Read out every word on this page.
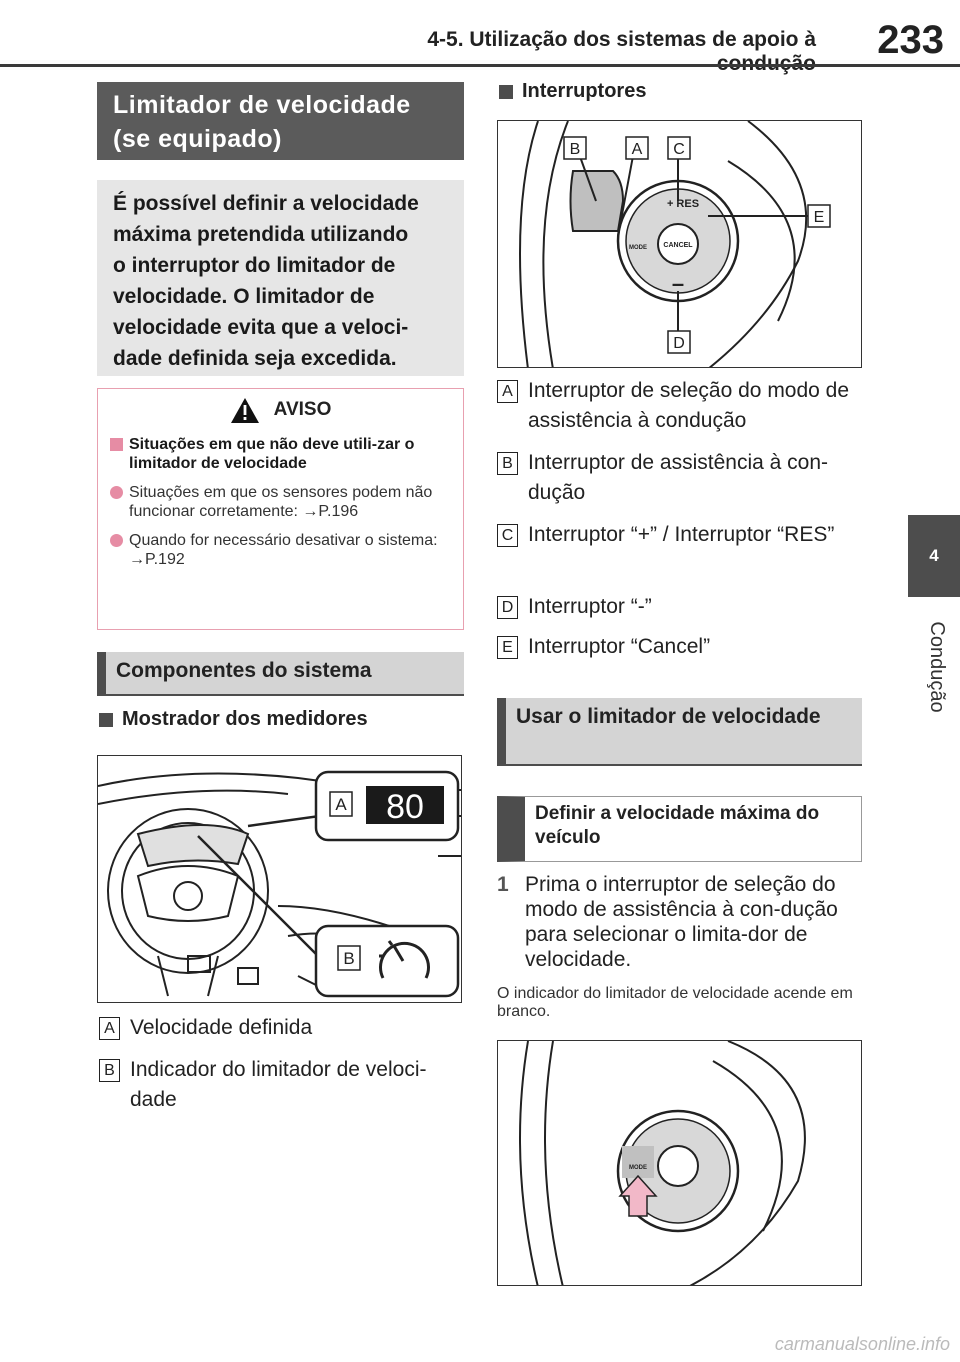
4-5. Utilização dos sistemas de apoio à	233
4
Condução
Limitador de velocidade
(se equipado)
É possível definir a velocidade
máxima pretendida utilizando
o interruptor do limitador de
velocidade. O limitador de
velocidade evita que a veloci-
dade definida seja excedida.
AVISO
Situações em que não deve utili-zar o limitador de velocidade
Situações em que os sensores podem não funcionar corretamente: →P.196
Quando for necessário desativar o sistema: →P.192
Componentes do sistema
Mostrador dos medidores
A 80
B
A Velocidade definida
B Indicador do limitador de veloci-dade
Interruptores
CANCEL
+ RES
MODE
–
B	A C
E
D
A Interruptor de seleção do modo de assistência à condução
B Interruptor de assistência à con-dução
C Interruptor “+” / Interruptor “RES”
D Interruptor “-”
E Interruptor “Cancel”
Usar o limitador de velocidade
Definir a velocidade máxima do veículo
1 Prima o interruptor de seleção do modo de assistência à con-dução para selecionar o limita-dor de velocidade.
O indicador do limitador de velocidade acende em branco.
MODE
carmanualsonline.info
